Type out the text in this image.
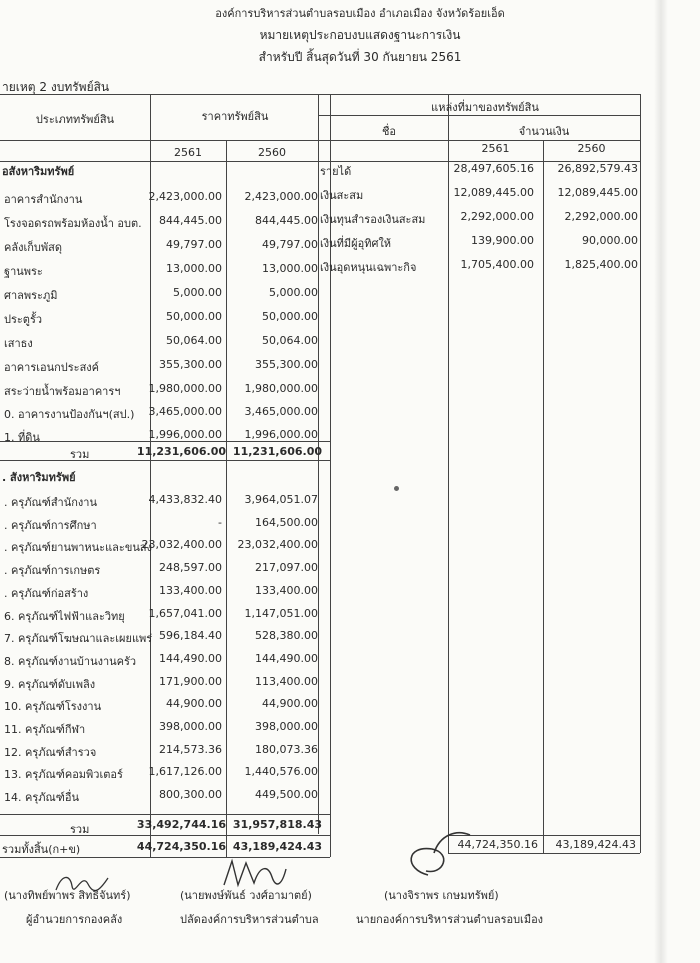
องค์การบริหารส่วนตำบลรอบเมือง อำเภอเมือง จังหวัดร้อยเอ็ด
หมายเหตุประกอบงบแสดงฐานะการเงิน
สำหรับปี สิ้นสุดวันที่ 30 กันยายน 2561
ายเหตุ 2 งบทรัพย์สิน
ประเภททรัพย์สิน	ราคาทรัพย์สิน
แหล่งที่มาของทรัพย์สิน
ชื่อ	จำนวนเงิน
2561	2560	2561	2560
อสังหาริมทรัพย์
อาคารสำนักงาน	2,423,000.00 2,423,000.00
โรงจอดรถพร้อมห้องน้ำ อบต. 844,445.00	844,445.00
คลังเก็บพัสดุ	49,797.00	49,797.00
ฐานพระ	13,000.00	13,000.00
ศาลพระภูมิ	5,000.00	5,000.00
ประตูรั้ว	50,000.00	50,000.00
เสาธง	50,064.00	50,064.00
อาคารเอนกประสงค์	355,300.00	355,300.00
สระว่ายน้ำพร้อมอาคารฯ	1,980,000.00 1,980,000.00
0. อาคารงานป้องกันฯ(สป.) 3,465,000.00 3,465,000.00
1. ที่ดิน	1,996,000.00 1,996,000.00
รวม	11,231,606.00 11,231,606.00
. สังหาริมทรัพย์
. ครุภัณฑ์สำนักงาน	4,433,832.40 3,964,051.07
. ครุภัณฑ์การศึกษา	-	164,500.00
. ครุภัณฑ์ยานพาหนะและขนส่ง
23,032,400.00 23,032,400.00
. ครุภัณฑ์การเกษตร	248,597.00	217,097.00
. ครุภัณฑ์ก่อสร้าง	133,400.00	133,400.00
6. ครุภัณฑ์ไฟฟ้าและวิทยุ 1,657,041.00 1,147,051.00
7. ครุภัณฑ์โฆษณาและเผยแพร่ 596,184.40	528,380.00
8. ครุภัณฑ์งานบ้านงานครัว 144,490.00	144,490.00
9. ครุภัณฑ์ดับเพลิง	171,900.00	113,400.00
10. ครุภัณฑ์โรงงาน	44,900.00	44,900.00
11. ครุภัณฑ์กีฬา	398,000.00	398,000.00
12. ครุภัณฑ์สำรวจ	214,573.36	180,073.36
13. ครุภัณฑ์คอมพิวเตอร์ 1,617,126.00 1,440,576.00
14. ครุภัณฑ์อื่น	800,300.00	449,500.00
รวม	33,492,744.16 31,957,818.43
รวมทั้งสิ้น(ก+ข)	44,724,350.16 43,189,424.43	44,724,350.16 43,189,424.43
รายได้	28,497,605.16 26,892,579.43
เงินสะสม	12,089,445.00 12,089,445.00
เงินทุนสำรองเงินสะสม	2,292,000.00	2,292,000.00
เงินที่มีผู้อุทิศให้	139,900.00	90,000.00
เงินอุดหนุนเฉพาะกิจ	1,705,400.00	1,825,400.00
(นางทิพย์พาพร สิทธิจันทร์)
ผู้อำนวยการกองคลัง
(นายพงษ์พันธ์ วงศ์อามาตย์)
ปลัดองค์การบริหารส่วนตำบล
(นางจิราพร เกษมทรัพย์)
นายกองค์การบริหารส่วนตำบลรอบเมือง
